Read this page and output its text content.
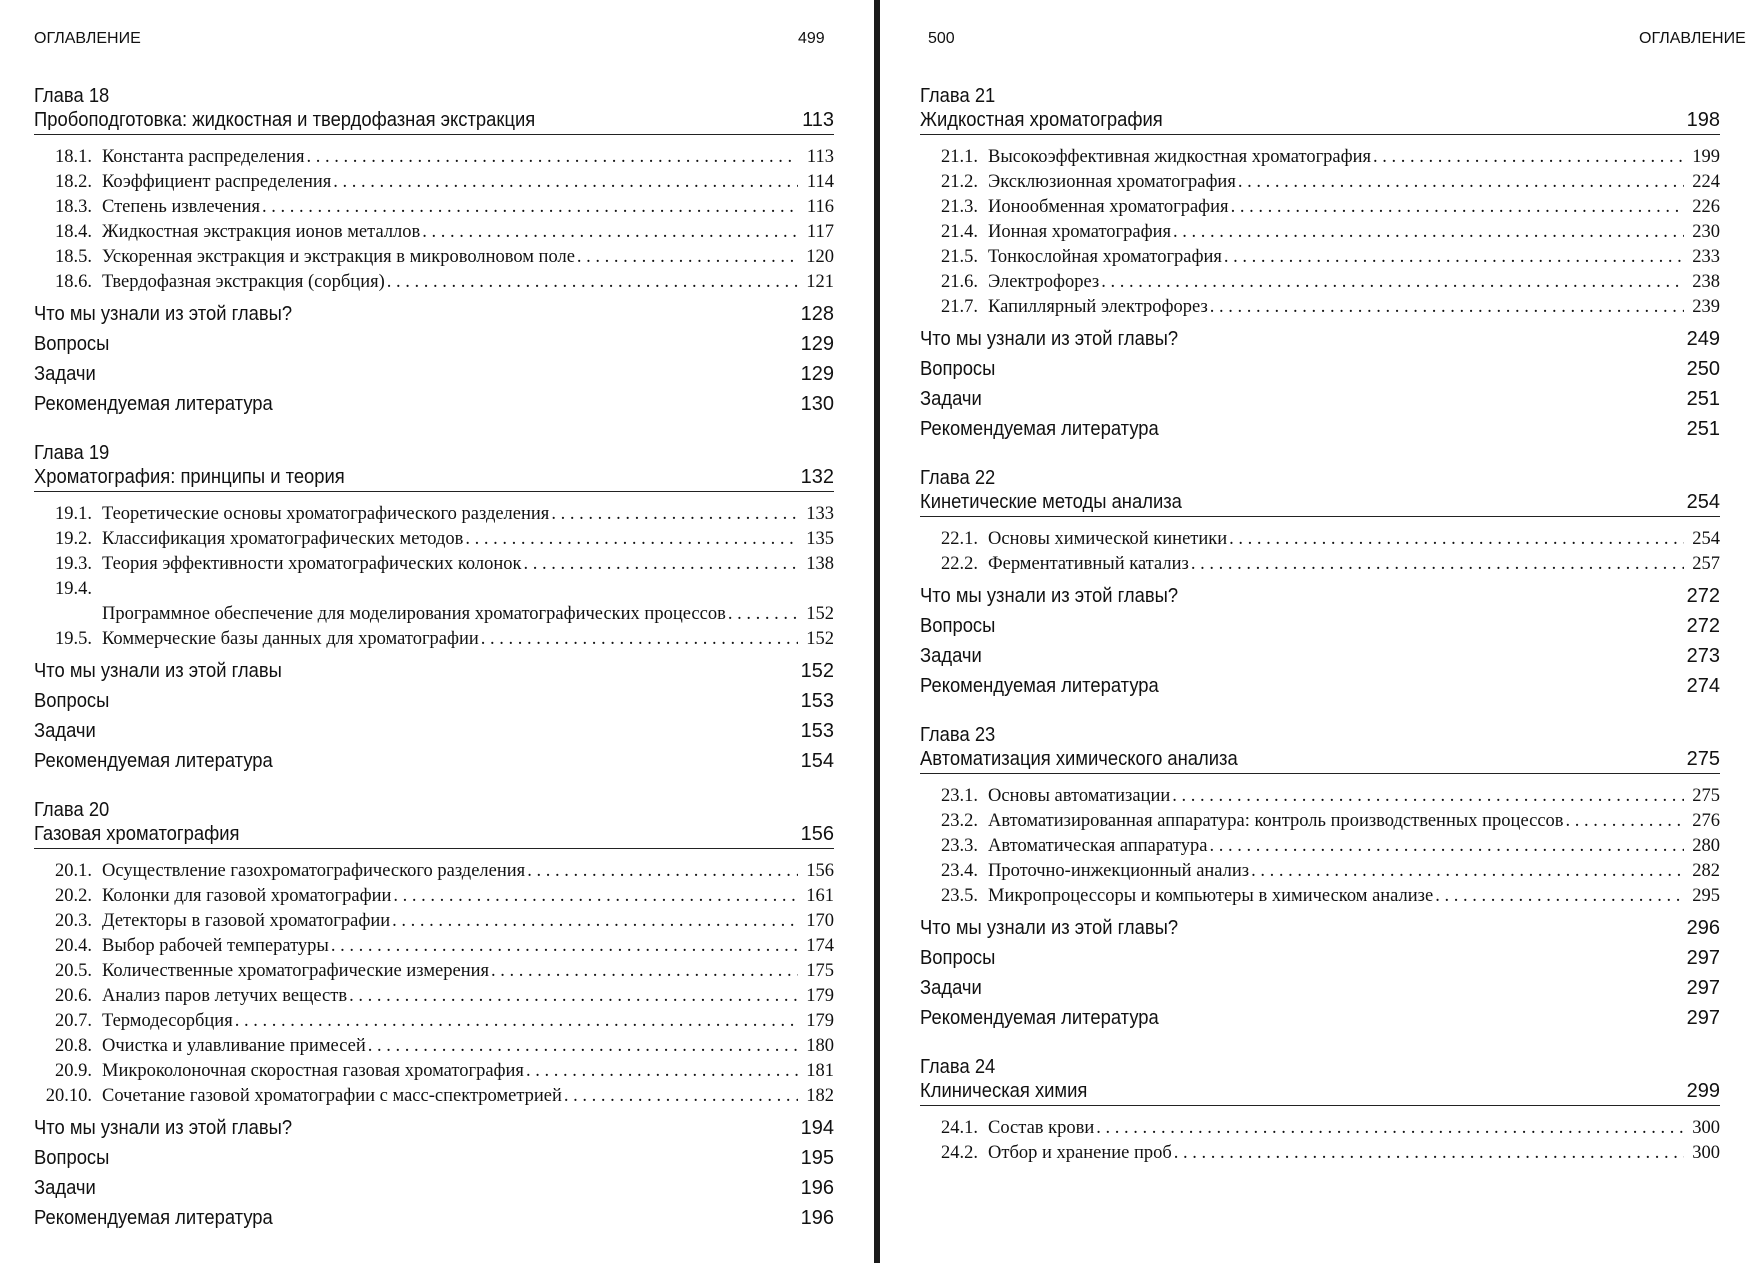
ОГЛАВЛЕНИЕ	499
Глава 18
Пробоподготовка: жидкостная и твердофазная экстракция	113
18.1. Константа распределения . . .	113
18.2. Коэффициент распределения . . .	114
18.3. Степень извлечения . . .	116
18.4. Жидкостная экстракция ионов металлов . . .	117
18.5. Ускоренная экстракция и экстракция в микроволновом поле . . .	120
18.6. Твердофазная экстракция (сорбция) . . .	121
Что мы узнали из этой главы?	128
Вопросы	129
Задачи	129
Рекомендуемая литература	130
Глава 19
Хроматография: принципы и теория	132
19.1. Теоретические основы хроматографического разделения . . .	133
19.2. Классификация хроматографических методов . . .	135
19.3. Теория эффективности хроматографических колонок . . .	138
19.4.
Программное обеспечение для моделирования хроматографических процессов . . .	152
19.5. Коммерческие базы данных для хроматографии . . .	152
Что мы узнали из этой главы	152
Вопросы	153
Задачи	153
Рекомендуемая литература	154
Глава 20
Газовая хроматография	156
20.1. Осуществление газохроматографического разделения . . .	156
20.2. Колонки для газовой хроматографии . . .	161
20.3. Детекторы в газовой хроматографии . . .	170
20.4. Выбор рабочей температуры . . .	174
20.5. Количественные хроматографические измерения . . .	175
20.6. Анализ паров летучих веществ . . .	179
20.7. Термодесорбция . . .	179
20.8. Очистка и улавливание примесей . . .	180
20.9. Микроколоночная скоростная газовая хроматография . . .	181
20.10. Сочетание газовой хроматографии с масс-спектрометрией . . .	182
Что мы узнали из этой главы?	194
Вопросы	195
Задачи	196
Рекомендуемая литература	196
500	ОГЛАВЛЕНИЕ
Глава 21
Жидкостная хроматография	198
21.1. Высокоэффективная жидкостная хроматография . . .	199
21.2. Эксклюзионная хроматография . . .	224
21.3. Ионообменная хроматография . . .	226
21.4. Ионная хроматография . . .	230
21.5. Тонкослойная хроматография . . .	233
21.6. Электрофорез . . .	238
21.7. Капиллярный электрофорез . . .	239
Что мы узнали из этой главы?	249
Вопросы	250
Задачи	251
Рекомендуемая литература	251
Глава 22
Кинетические методы анализа	254
22.1. Основы химической кинетики . . .	254
22.2. Ферментативный катализ . . .	257
Что мы узнали из этой главы?	272
Вопросы	272
Задачи	273
Рекомендуемая литература	274
Глава 23
Автоматизация химического анализа	275
23.1. Основы автоматизации . . .	275
23.2. Автоматизированная аппаратура: контроль производственных процессов . . .	276
23.3. Автоматическая аппаратура . . .	280
23.4. Проточно-инжекционный анализ . . .	282
23.5. Микропроцессоры и компьютеры в химическом анализе . . .	295
Что мы узнали из этой главы?	296
Вопросы	297
Задачи	297
Рекомендуемая литература	297
Глава 24
Клиническая химия	299
24.1. Состав крови . . .	300
24.2. Отбор и хранение проб . . .	300
